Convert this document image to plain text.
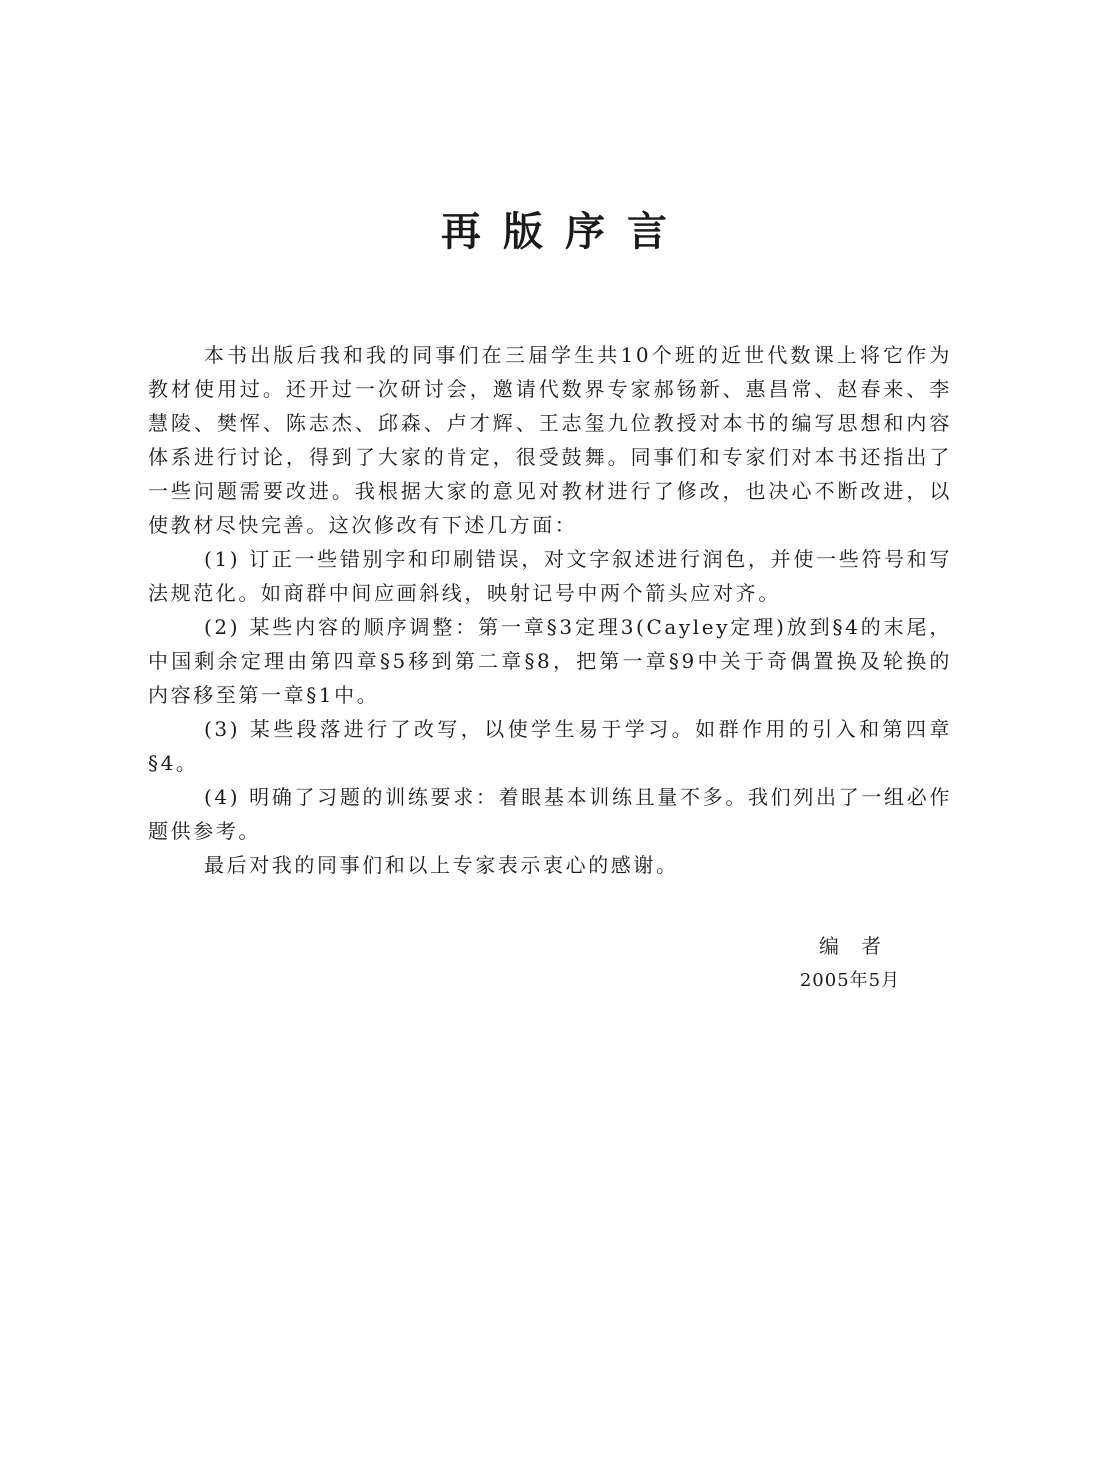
再版序言

本书出版后我和我的同事们在三届学生共10个班的近世代数课上将它作为教材使用过。还开过一次研讨会，邀请代数界专家郝钖新、惠昌常、赵春来、李慧陵、樊恽、陈志杰、邱森、卢才辉、王志玺九位教授对本书的编写思想和内容体系进行讨论，得到了大家的肯定，很受鼓舞。同事们和专家们对本书还指出了一些问题需要改进。我根据大家的意见对教材进行了修改，也决心不断改进，以使教材尽快完善。这次修改有下述几方面：

(1) 订正一些错别字和印刷错误，对文字叙述进行润色，并使一些符号和写法规范化。如商群中间应画斜线，映射记号中两个箭头应对齐。

(2) 某些内容的顺序调整：第一章§3定理3(Cayley定理)放到§4的末尾，中国剩余定理由第四章§5移到第二章§8，把第一章§9中关于奇偶置换及轮换的内容移至第一章§1中。

(3) 某些段落进行了改写，以使学生易于学习。如群作用的引入和第四章§4。

(4) 明确了习题的训练要求：着眼基本训练且量不多。我们列出了一组必作题供参考。

最后对我的同事们和以上专家表示衷心的感谢。

编者
2005年5月
